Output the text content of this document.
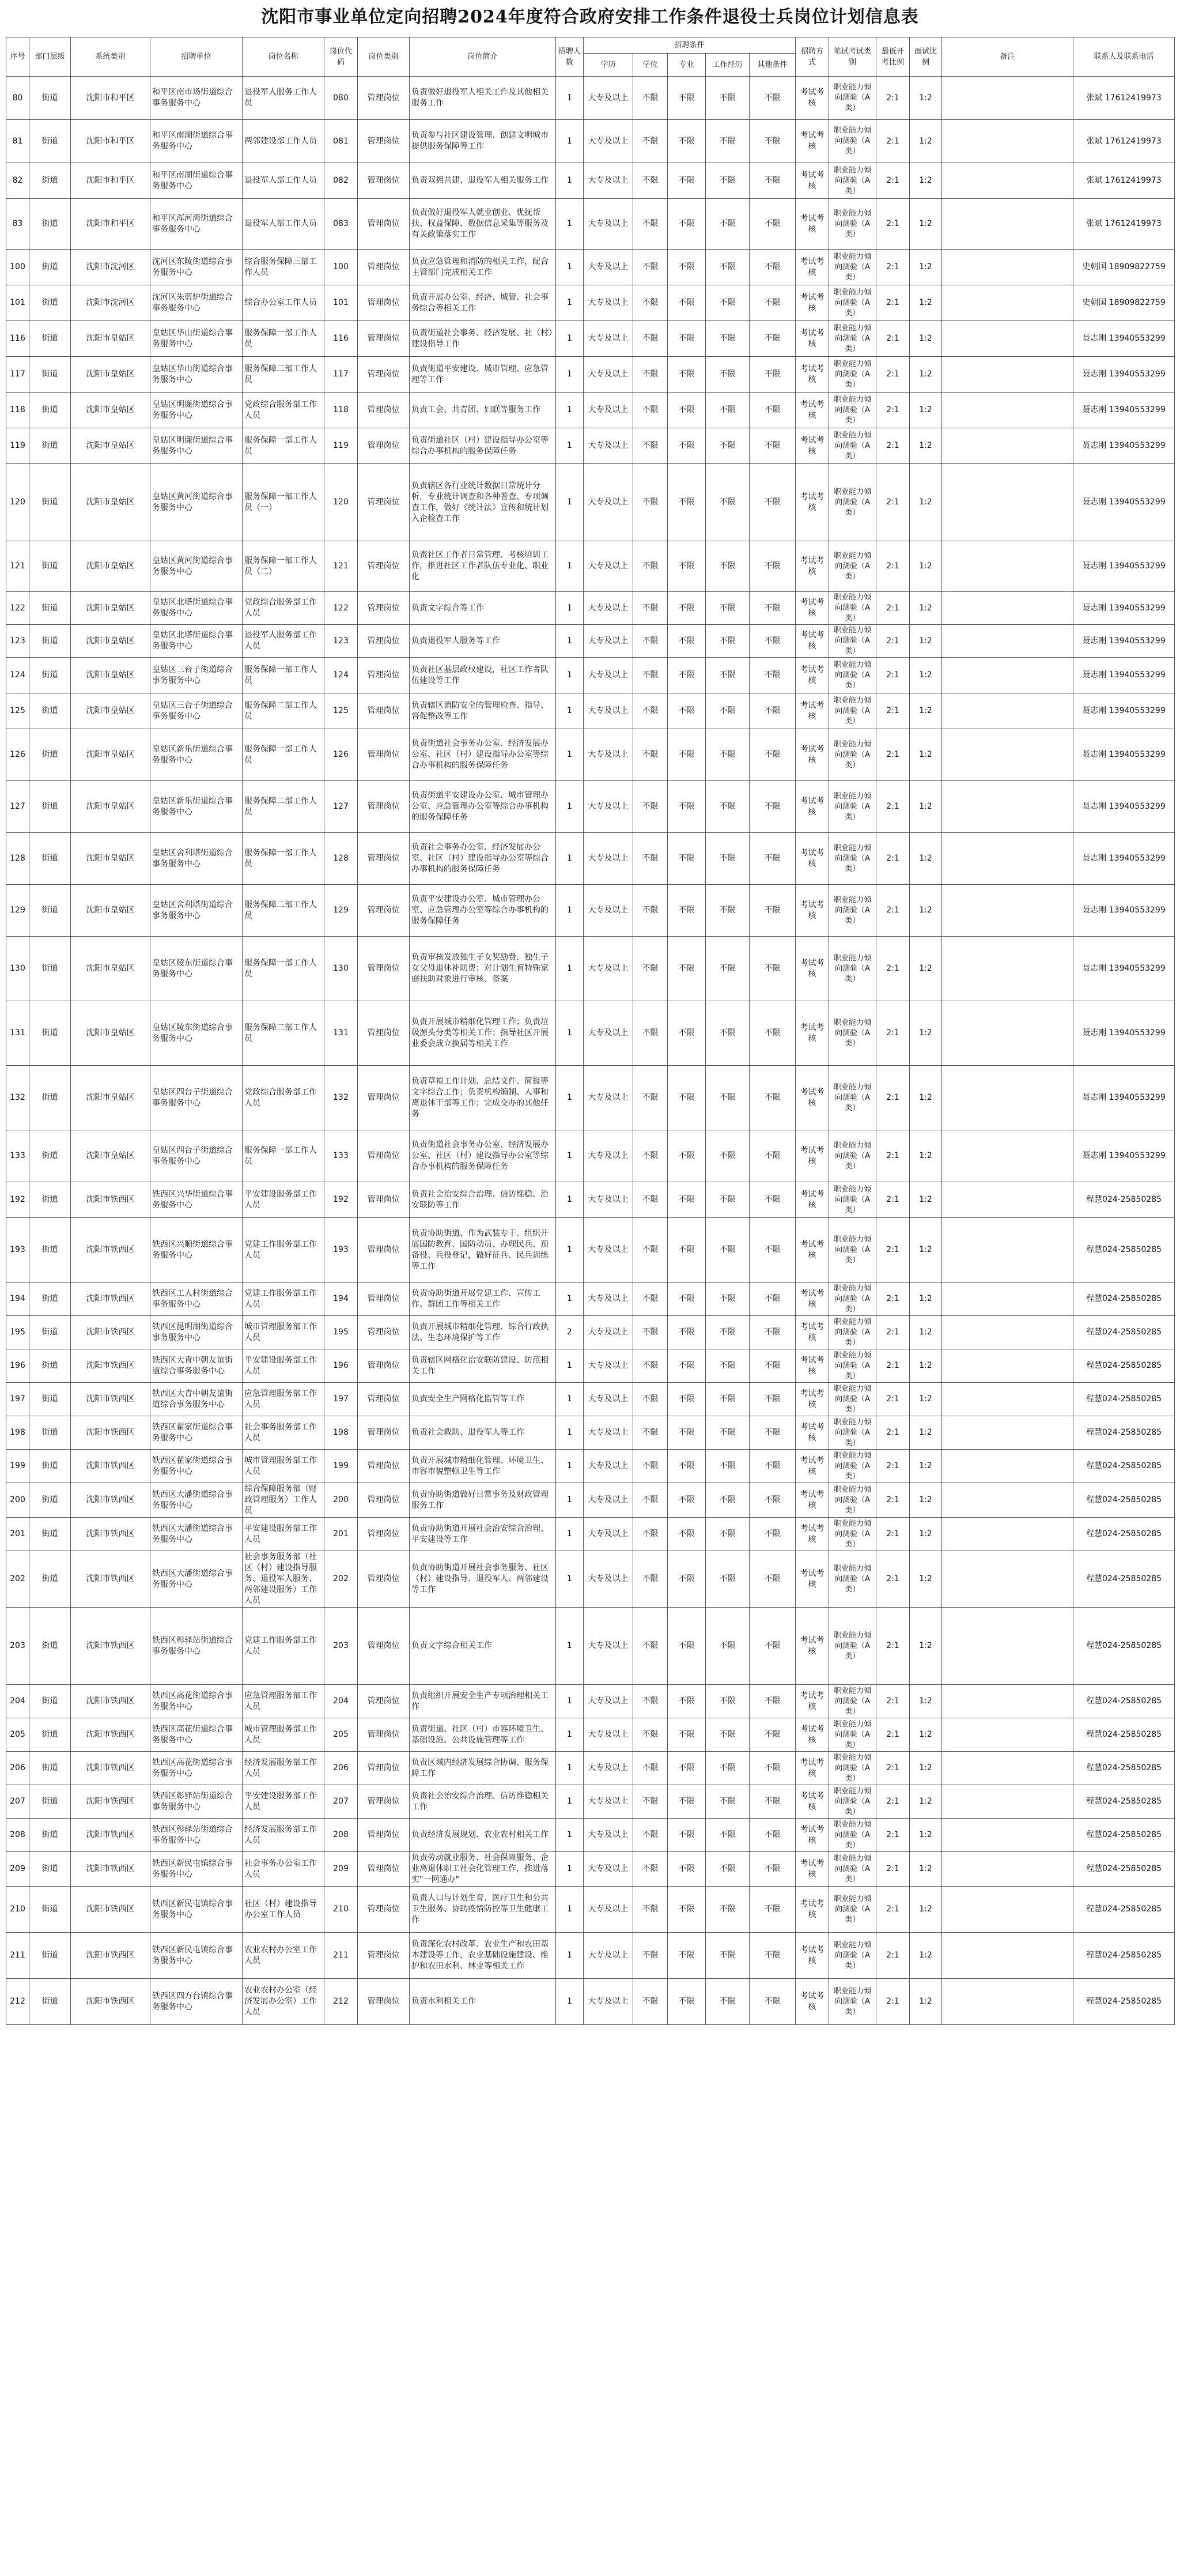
沈阳市事业单位定向招聘2024年度符合政府安排工作条件退役士兵岗位计划信息表
序号	部门层级	系统类别	招聘单位	岗位名称	岗位代码	岗位类别	岗位简介	招聘人数	招聘条件					招聘方式	笔试考试类别	最低开考比例	面试比例	备注	联系人及联系电话
									学历	学位	专业	工作经历	其他条件						
80	街道	沈阳市和平区	和平区南市场街道综合事务服务中心	退役军人服务工作人员	080	管理岗位	负责做好退役军人相关工作及其他相关服务工作	1	大专及以上	不限	不限	不限	不限	考试考核	职业能力倾向测验（A类）	2:1	1:2		张斌 17612419973
81	街道	沈阳市和平区	和平区南湖街道综合事务服务中心	两邻建设部工作人员	081	管理岗位	负责参与社区建设管理、创建文明城市提供服务保障等工作	1	大专及以上	不限	不限	不限	不限	考试考核	职业能力倾向测验（A类）	2:1	1:2		张斌 17612419973
82	街道	沈阳市和平区	和平区南湖街道综合事务服务中心	退役军人部工作人员	082	管理岗位	负责双拥共建、退役军人相关服务工作	1	大专及以上	不限	不限	不限	不限	考试考核	职业能力倾向测验（A类）	2:1	1:2		张斌 17612419973
83	街道	沈阳市和平区	和平区浑河湾街道综合事务服务中心	退役军人部工作人员	083	管理岗位	负责做好退役军人就业创业、优抚帮扶、权益保障、数据信息采集等服务及有关政策落实工作	1	大专及以上	不限	不限	不限	不限	考试考核	职业能力倾向测验（A类）	2:1	1:2		张斌 17612419973
100	街道	沈阳市沈河区	沈河区东陵街道综合事务服务中心	综合服务保障三部工作人员	100	管理岗位	负责应急管理和消防的相关工作，配合主管部门完成相关工作	1	大专及以上	不限	不限	不限	不限	考试考核	职业能力倾向测验（A类）	2:1	1:2		史朝国 18909822759
101	街道	沈阳市沈河区	沈河区朱剪炉街道综合事务服务中心	综合办公室工作人员	101	管理岗位	负责开展办公室、经济、城管、社会事务综合等相关工作	1	大专及以上	不限	不限	不限	不限	考试考核	职业能力倾向测验（A类）	2:1	1:2		史朝国 18909822759
116	街道	沈阳市皇姑区	皇姑区华山街道综合事务服务中心	服务保障一部工作人员	116	管理岗位	负责街道社会事务、经济发展、社（村）建设指导工作	1	大专及以上	不限	不限	不限	不限	考试考核	职业能力倾向测验（A类）	2:1	1:2		聂志刚 13940553299
117	街道	沈阳市皇姑区	皇姑区华山街道综合事务服务中心	服务保障二部工作人员	117	管理岗位	负责街道平安建设、城市管理、应急管理等工作	1	大专及以上	不限	不限	不限	不限	考试考核	职业能力倾向测验（A类）	2:1	1:2		聂志刚 13940553299
118	街道	沈阳市皇姑区	皇姑区明廉街道综合事务服务中心	党政综合服务部工作人员	118	管理岗位	负责工会、共青团、妇联等服务工作	1	大专及以上	不限	不限	不限	不限	考试考核	职业能力倾向测验（A类）	2:1	1:2		聂志刚 13940553299
119	街道	沈阳市皇姑区	皇姑区明廉街道综合事务服务中心	服务保障一部工作人员	119	管理岗位	负责街道社区（村）建设指导办公室等综合办事机构的服务保障任务	1	大专及以上	不限	不限	不限	不限	考试考核	职业能力倾向测验（A类）	2:1	1:2		聂志刚 13940553299
120	街道	沈阳市皇姑区	皇姑区黄河街道综合事务服务中心	服务保障一部工作人员（一）	120	管理岗位	负责辖区各行业统计数据日常统计分析，专业统计调查和各种普查、专项调查工作，做好《统计法》宣传和统计划入企检查工作	1	大专及以上	不限	不限	不限	不限	考试考核	职业能力倾向测验（A类）	2:1	1:2		聂志刚 13940553299
121	街道	沈阳市皇姑区	皇姑区黄河街道综合事务服务中心	服务保障一部工作人员（二）	121	管理岗位	负责社区工作者日常管理、考核培训工作，推进社区工作者队伍专业化、职业化	1	大专及以上	不限	不限	不限	不限	考试考核	职业能力倾向测验（A类）	2:1	1:2		聂志刚 13940553299
122	街道	沈阳市皇姑区	皇姑区北塔街道综合事务服务中心	党政综合服务部工作人员	122	管理岗位	负责文字综合等工作	1	大专及以上	不限	不限	不限	不限	考试考核	职业能力倾向测验（A类）	2:1	1:2		聂志刚 13940553299
123	街道	沈阳市皇姑区	皇姑区北塔街道综合事务服务中心	退役军人服务部工作人员	123	管理岗位	负责退役军人服务等工作	1	大专及以上	不限	不限	不限	不限	考试考核	职业能力倾向测验（A类）	2:1	1:2		聂志刚 13940553299
124	街道	沈阳市皇姑区	皇姑区三台子街道综合事务服务中心	服务保障一部工作人员	124	管理岗位	负责社区基层政权建设，社区工作者队伍建设等工作	1	大专及以上	不限	不限	不限	不限	考试考核	职业能力倾向测验（A类）	2:1	1:2		聂志刚 13940553299
125	街道	沈阳市皇姑区	皇姑区三台子街道综合事务服务中心	服务保障二部工作人员	125	管理岗位	负责辖区消防安全的管理检查、指导、督促整改等工作	1	大专及以上	不限	不限	不限	不限	考试考核	职业能力倾向测验（A类）	2:1	1:2		聂志刚 13940553299
126	街道	沈阳市皇姑区	皇姑区新乐街道综合事务服务中心	服务保障一部工作人员	126	管理岗位	负责街道社会事务办公室、经济发展办公室、社区（村）建设指导办公室等综合办事机构的服务保障任务	1	大专及以上	不限	不限	不限	不限	考试考核	职业能力倾向测验（A类）	2:1	1:2		聂志刚 13940553299
127	街道	沈阳市皇姑区	皇姑区新乐街道综合事务服务中心	服务保障二部工作人员	127	管理岗位	负责街道平安建设办公室、城市管理办公室、应急管理办公室等综合办事机构的服务保障任务	1	大专及以上	不限	不限	不限	不限	考试考核	职业能力倾向测验（A类）	2:1	1:2		聂志刚 13940553299
128	街道	沈阳市皇姑区	皇姑区舍利塔街道综合事务服务中心	服务保障一部工作人员	128	管理岗位	负责社会事务办公室、经济发展办公室、社区（村）建设指导办公室等综合办事机构的服务保障任务	1	大专及以上	不限	不限	不限	不限	考试考核	职业能力倾向测验（A类）	2:1	1:2		聂志刚 13940553299
129	街道	沈阳市皇姑区	皇姑区舍利塔街道综合事务服务中心	服务保障二部工作人员	129	管理岗位	负责平安建设办公室、城市管理办公室、应急管理办公室等综合办事机构的服务保障任务	1	大专及以上	不限	不限	不限	不限	考试考核	职业能力倾向测验（A类）	2:1	1:2		聂志刚 13940553299
130	街道	沈阳市皇姑区	皇姑区陵东街道综合事务服务中心	服务保障一部工作人员	130	管理岗位	负责审核发放独生子女奖励费、独生子女父母退休补助费；对计划生育特殊家庭扶助对象进行审核、备案	1	大专及以上	不限	不限	不限	不限	考试考核	职业能力倾向测验（A类）	2:1	1:2		聂志刚 13940553299
131	街道	沈阳市皇姑区	皇姑区陵东街道综合事务服务中心	服务保障二部工作人员	131	管理岗位	负责开展城市精细化管理工作；负责垃圾源头分类等相关工作；指导社区开展业委会成立换届等相关工作	1	大专及以上	不限	不限	不限	不限	考试考核	职业能力倾向测验（A类）	2:1	1:2		聂志刚 13940553299
132	街道	沈阳市皇姑区	皇姑区四台子街道综合事务服务中心	党政综合服务部工作人员	132	管理岗位	负责草拟工作计划、总结文件、简报等文字综合工作；负责机构编制、人事和离退休干部等工作；完成交办的其他任务	1	大专及以上	不限	不限	不限	不限	考试考核	职业能力倾向测验（A类）	2:1	1:2		聂志刚 13940553299
133	街道	沈阳市皇姑区	皇姑区四台子街道综合事务服务中心	服务保障一部工作人员	133	管理岗位	负责街道社会事务办公室、经济发展办公室、社区（村）建设指导办公室等综合办事机构的服务保障任务	1	大专及以上	不限	不限	不限	不限	考试考核	职业能力倾向测验（A类）	2:1	1:2		聂志刚 13940553299
192	街道	沈阳市铁西区	铁西区兴华街道综合事务服务中心	平安建设服务部工作人员	192	管理岗位	负责社会治安综合治理、信访维稳、治安联防等工作	1	大专及以上	不限	不限	不限	不限	考试考核	职业能力倾向测验（A类）	2:1	1:2		程慧024-25850285
193	街道	沈阳市铁西区	铁西区兴顺街道综合事务服务中心	党建工作服务部工作人员	193	管理岗位	负责协助街道、作为武装专干、组织开展国防教育、国防动员、办理民兵、预备役、兵役登记，做好征兵、民兵训练等工作	1	大专及以上	不限	不限	不限	不限	考试考核	职业能力倾向测验（A类）	2:1	1:2		程慧024-25850285
194	街道	沈阳市铁西区	铁西区工人村街道综合事务服务中心	党建工作服务部工作人员	194	管理岗位	负责协助街道开展党建工作、宣传工作、群团工作等相关工作	1	大专及以上	不限	不限	不限	不限	考试考核	职业能力倾向测验（A类）	2:1	1:2		程慧024-25850285
195	街道	沈阳市铁西区	铁西区昆明湖街道综合事务服务中心	城市管理服务部工作人员	195	管理岗位	负责开展城市精细化管理、综合行政执法、生态环境保护等工作	2	大专及以上	不限	不限	不限	不限	考试考核	职业能力倾向测验（A类）	2:1	1:2		程慧024-25850285
196	街道	沈阳市铁西区	铁西区大青中朝友谊街道综合事务服务中心	平安建设服务部工作人员	196	管理岗位	负责辖区网格化治安联防建设、防范相关工作	1	大专及以上	不限	不限	不限	不限	考试考核	职业能力倾向测验（A类）	2:1	1:2		程慧024-25850285
197	街道	沈阳市铁西区	铁西区大青中朝友谊街道综合事务服务中心	应急管理服务部工作人员	197	管理岗位	负责安全生产网格化监管等工作	1	大专及以上	不限	不限	不限	不限	考试考核	职业能力倾向测验（A类）	2:1	1:2		程慧024-25850285
198	街道	沈阳市铁西区	铁西区翟家街道综合事务服务中心	社会事务服务部工作人员	198	管理岗位	负责社会救助、退役军人等工作	1	大专及以上	不限	不限	不限	不限	考试考核	职业能力倾向测验（A类）	2:1	1:2		程慧024-25850285
199	街道	沈阳市铁西区	铁西区翟家街道综合事务服务中心	城市管理服务部工作人员	199	管理岗位	负责开展城市精细化管理、环境卫生、市容市貌整顿卫生等工作	1	大专及以上	不限	不限	不限	不限	考试考核	职业能力倾向测验（A类）	2:1	1:2		程慧024-25850285
200	街道	沈阳市铁西区	铁西区大潘街道综合事务服务中心	综合保障服务部（财政管理服务）工作人员	200	管理岗位	负责协助街道做好日常事务及财政管理服务工作	1	大专及以上	不限	不限	不限	不限	考试考核	职业能力倾向测验（A类）	2:1	1:2		程慧024-25850285
201	街道	沈阳市铁西区	铁西区大潘街道综合事务服务中心	平安建设服务部工作人员	201	管理岗位	负责协助街道开展社会治安综合治理、平安建设等工作	1	大专及以上	不限	不限	不限	不限	考试考核	职业能力倾向测验（A类）	2:1	1:2		程慧024-25850285
202	街道	沈阳市铁西区	铁西区大潘街道综合事务服务中心	社会事务服务部（社区（村）建设指导服务、退役军人服务、两邻建设服务）工作人员	202	管理岗位	负责协助街道开展社会事务服务、社区（村）建设指导、退役军人、两邻建设等工作	1	大专及以上	不限	不限	不限	不限	考试考核	职业能力倾向测验（A类）	2:1	1:2		程慧024-25850285
203	街道	沈阳市铁西区	铁西区彰驿站街道综合事务服务中心	党建工作服务部工作人员	203	管理岗位	负责文字综合相关工作	1	大专及以上	不限	不限	不限	不限	考试考核	职业能力倾向测验（A类）	2:1	1:2		程慧024-25850285
204	街道	沈阳市铁西区	铁西区高花街道综合事务服务中心	应急管理服务部工作人员	204	管理岗位	负责组织开展安全生产专项治理相关工作	1	大专及以上	不限	不限	不限	不限	考试考核	职业能力倾向测验（A类）	2:1	1:2		程慧024-25850285
205	街道	沈阳市铁西区	铁西区高花街道综合事务服务中心	城市管理服务部工作人员	205	管理岗位	负责街道、社区（村）市容环境卫生、基础设施、公共设施管理等工作	1	大专及以上	不限	不限	不限	不限	考试考核	职业能力倾向测验（A类）	2:1	1:2		程慧024-25850285
206	街道	沈阳市铁西区	铁西区高花街道综合事务服务中心	经济发展服务部工作人员	206	管理岗位	负责区域内经济发展综合协调、服务保障工作	1	大专及以上	不限	不限	不限	不限	考试考核	职业能力倾向测验（A类）	2:1	1:2		程慧024-25850285
207	街道	沈阳市铁西区	铁西区彰驿站街道综合事务服务中心	平安建设服务部工作人员	207	管理岗位	负责社会治安综合治理、信访维稳相关工作	1	大专及以上	不限	不限	不限	不限	考试考核	职业能力倾向测验（A类）	2:1	1:2		程慧024-25850285
208	街道	沈阳市铁西区	铁西区彰驿站街道综合事务服务中心	经济发展服务部工作人员	208	管理岗位	负责经济发展规划、农业农村相关工作	1	大专及以上	不限	不限	不限	不限	考试考核	职业能力倾向测验（A类）	2:1	1:2		程慧024-25850285
209	街道	沈阳市铁西区	铁西区新民屯镇综合事务服务中心	社会事务办公室工作人员	209	管理岗位	负责劳动就业服务、社会保障服务、企业离退休职工社会化管理工作，推进落实"一网通办"	1	大专及以上	不限	不限	不限	不限	考试考核	职业能力倾向测验（A类）	2:1	1:2		程慧024-25850285
210	街道	沈阳市铁西区	铁西区新民屯镇综合事务服务中心	社区（村）建设指导办公室工作人员	210	管理岗位	负责人口与计划生育、医疗卫生和公共卫生服务、协助疫情防控等卫生健康工作	1	大专及以上	不限	不限	不限	不限	考试考核	职业能力倾向测验（A类）	2:1	1:2		程慧024-25850285
211	街道	沈阳市铁西区	铁西区新民屯镇综合事务服务中心	农业农村办公室工作人员	211	管理岗位	负责深化农村改革、农业生产和农田基本建设等工作，农业基础设施建设、维护和农田水利、林业等相关工作	1	大专及以上	不限	不限	不限	不限	考试考核	职业能力倾向测验（A类）	2:1	1:2		程慧024-25850285
212	街道	沈阳市铁西区	铁西区四方台镇综合事务服务中心	农业农村办公室（经济发展办公室）工作人员	212	管理岗位	负责水利相关工作	1	大专及以上	不限	不限	不限	不限	考试考核	职业能力倾向测验（A类）	2:1	1:2		程慧024-25850285
